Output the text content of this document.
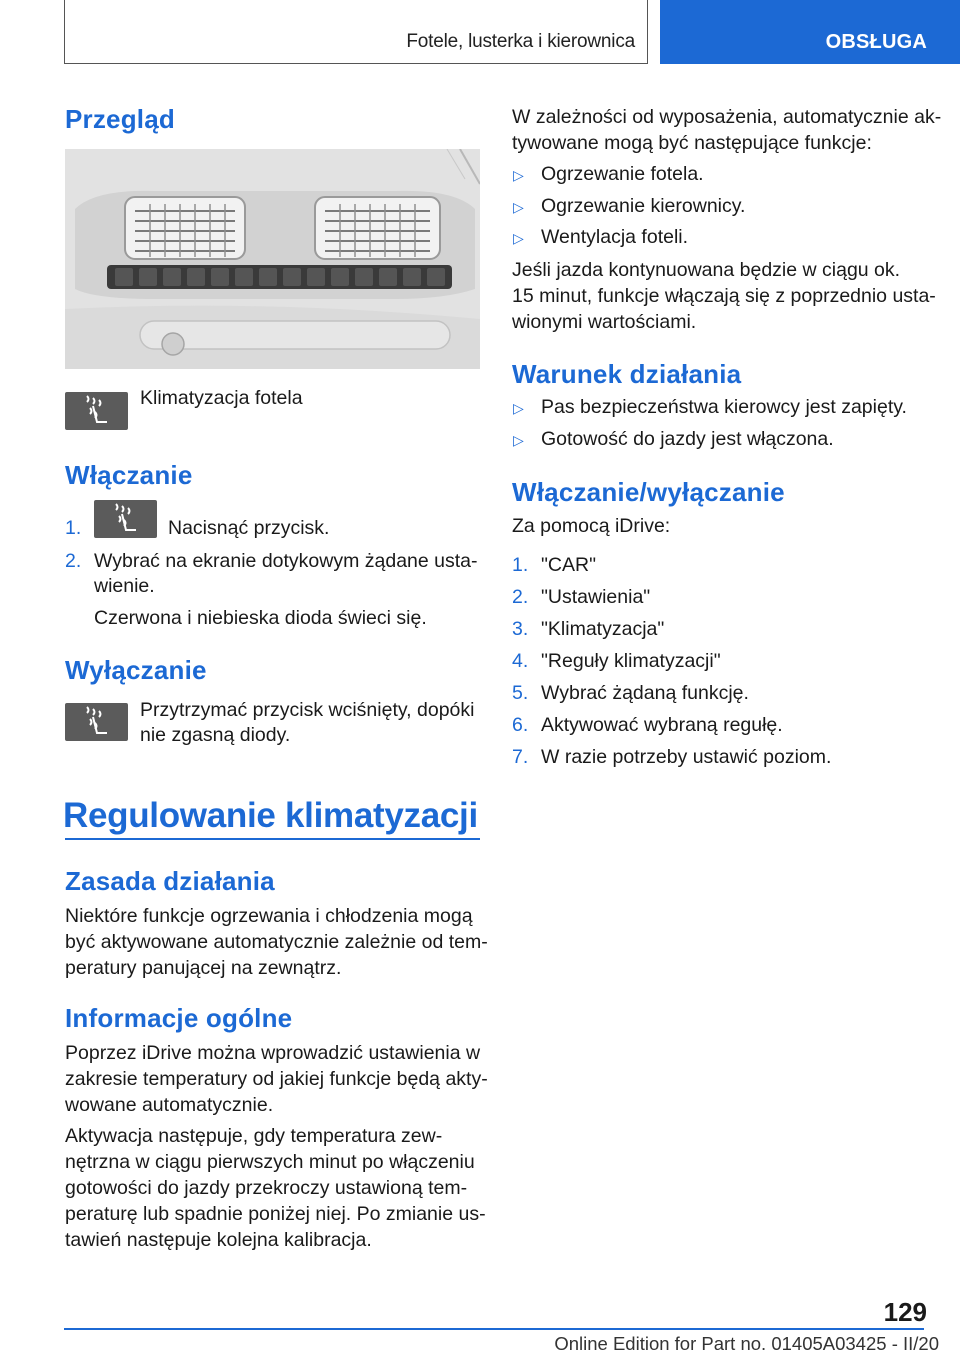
Fotele, lusterka i kierownica	OBSŁUGA
Przegląd

Klimatyzacja fotela

Włączanie
1.	Nacisnąć przycisk.

2. Wybrać na ekranie dotykowym żądane usta‐

wienie.

Czerwona i niebieska dioda świeci się.

Wyłączanie

Przytrzymać przycisk wciśnięty, dopóki

nie zgasną diody.

Regulowanie klimatyzacji
Zasada działania

Niektóre funkcje ogrzewania i chłodzenia mogą

być aktywowane automatycznie zależnie od tem‐

peratury panującej na zewnątrz.

Informacje ogólne

Poprzez iDrive można wprowadzić ustawienia w

zakresie temperatury od jakiej funkcje będą akty‐

wowane automatycznie.

Aktywacja następuje, gdy temperatura zew‐

nętrzna w ciągu pierwszych minut po włączeniu

gotowości do jazdy przekroczy ustawioną tem‐

peraturę lub spadnie poniżej niej. Po zmianie us‐

tawień następuje kolejna kalibracja.

W zależności od wyposażenia, automatycznie ak‐

tywowane mogą być następujące funkcje:

▷ Ogrzewanie fotela.

▷ Ogrzewanie kierownicy.

▷ Wentylacja foteli.

Jeśli jazda kontynuowana będzie w ciągu ok.

15 minut, funkcje włączają się z poprzednio usta‐

wionymi wartościami.

Warunek działania
▷ Pas bezpieczeństwa kierowcy jest zapięty.

▷ Gotowość do jazdy jest włączona.

Włączanie/wyłączanie

Za pomocą iDrive:

1. "CAR"

2. "Ustawienia"

3. "Klimatyzacja"

4. "Reguły klimatyzacji"

5. Wybrać żądaną funkcję.

6. Aktywować wybraną regułę.

7. W razie potrzeby ustawić poziom.

129
Online Edition for Part no. 01405A03425 - II/20
